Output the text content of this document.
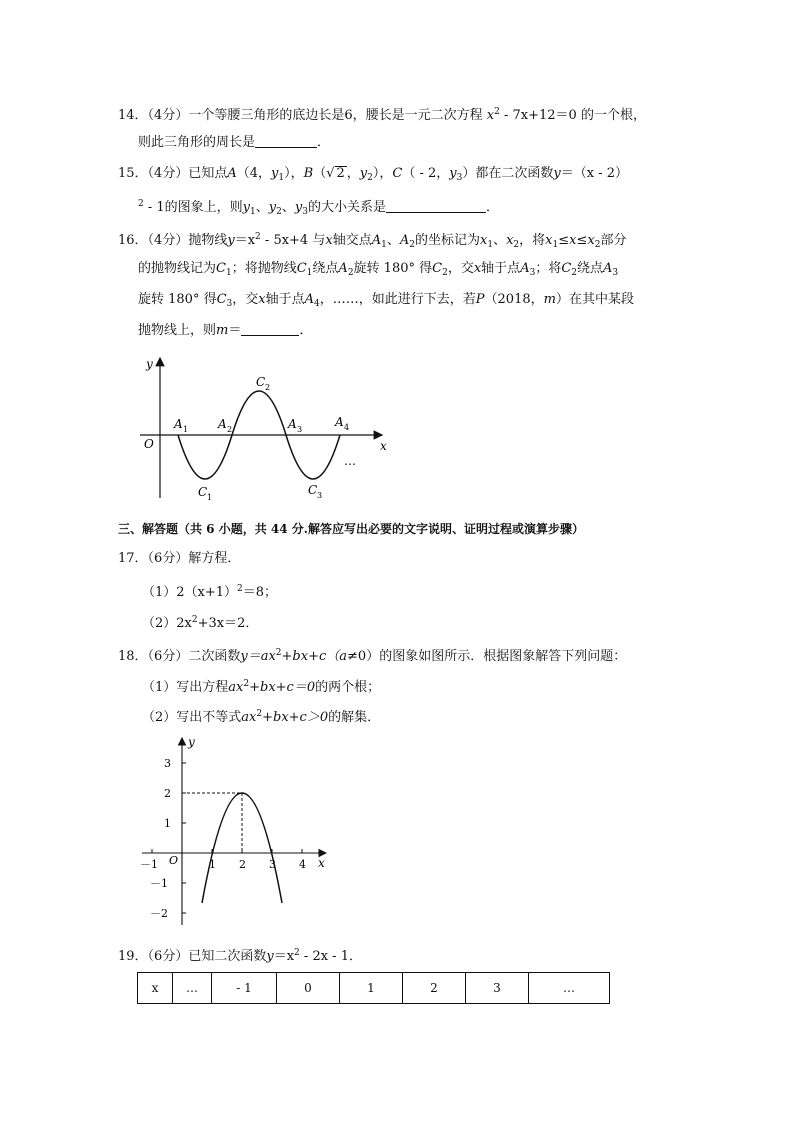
14．（4分）一个等腰三角形的底边长是6，腰长是一元二次方程 $x^2 - 7x+12=0$ 的一个根，
则此三角形的周长是	．
15．（4分）已知点A（4，$y_1$），B（√ 2 ，$y_2$），C（ - 2，$y_3$）都在二次函数y＝（x - 2）
$^2$ - 1的图象上，则$y_1$、$y_2$、$y_3$的大小关系是	．
16．（4分）抛物线$y=x^2 - 5x+4$ 与x轴交点$A_1$、$A_2$的坐标记为$x_1$、$x_2$，将$x_1\le x\le x_2$部分
的抛物线记为$C_1$；将抛物线$C_1$绕点$A_2$旋转 180° 得$C_2$，交x轴于点$A_3$；将$C_2$绕点$A_3$
旋转 180° 得$C_3$，交x轴于点$A_4$，……，如此进行下去，若P（2018，m）在其中某段
抛物线上，则m＝	．
y
x
O
A 1 A 2	A 3
A 4
C 2
C 1
C 3
…
三、解答题（共 6 小题，共 44 分.解答应写出必要的文字说明、证明过程或演算步骤）
17．（6分）解方程．
$(1)2(x+1)^2=8$；
$(2)2x^2+3x=2$．
18．（6分）二次函数$y=ax^2+bx+c(a\ne 0)$的图象如图所示．根据图象解答下列问题：
（1）写出方程$ax^2+bx+c=0$的两个根；
（2）写出不等式$ax^2+bx+c>0$的解集．
y
x
O
－1	1 2 3 4
3
2
1
－1
－2
19．（6分）已知二次函数$y=x^2 - 2x - 1$．
x	…	- 1	0	1	2	3	…
